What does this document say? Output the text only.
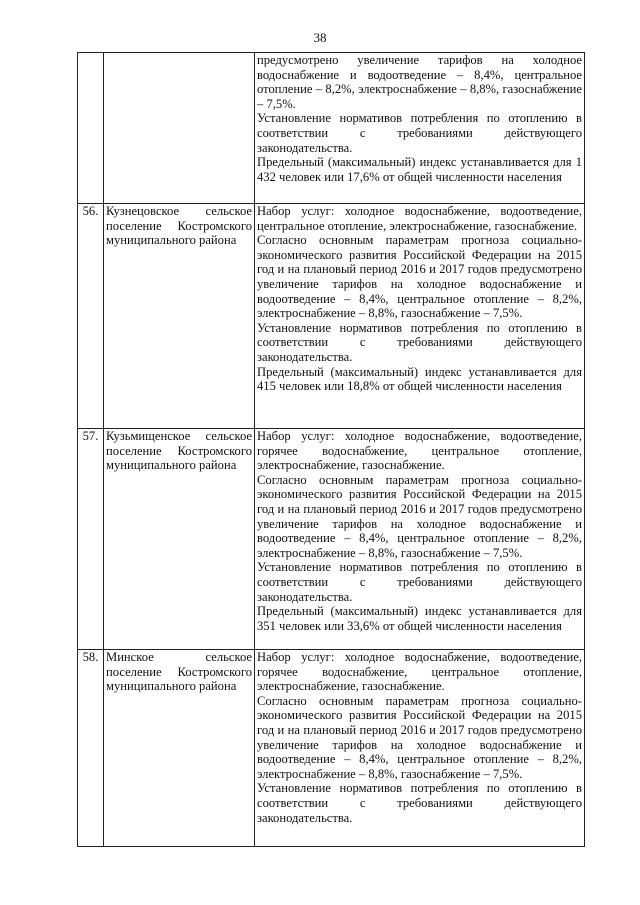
38

		предусмотрено увеличение тарифов на холодное водоснабжение и водоотведение – 8,4%, центральное отопление – 8,2%, электроснабжение – 8,8%, газоснабжение – 7,5%.

Установление нормативов потребления по отоплению в соответствии с требованиями действующего законодательства.

Предельный (максимальный) индекс устанавливается для 1 432 человек или 17,6% от общей численности населения

56.	Кузнецовское сельское поселение Костромского муниципального района	Набор услуг: холодное водоснабжение, водоотведение, центральное отопление, электроснабжение, газоснабжение.

Согласно основным параметрам прогноза социально-экономического развития Российской Федерации на 2015 год и на плановый период 2016 и 2017 годов предусмотрено увеличение тарифов на холодное водоснабжение и водоотведение – 8,4%, центральное отопление – 8,2%, электроснабжение – 8,8%, газоснабжение – 7,5%.

Установление нормативов потребления по отоплению в соответствии с требованиями действующего законодательства.

Предельный (максимальный) индекс устанавливается для 415 человек или 18,8% от общей численности населения

57.	Кузьмищенское сельское поселение Костромского муниципального района	Набор услуг: холодное водоснабжение, водоотведение, горячее водоснабжение, центральное отопление, электроснабжение, газоснабжение.

Согласно основным параметрам прогноза социально-экономического развития Российской Федерации на 2015 год и на плановый период 2016 и 2017 годов предусмотрено увеличение тарифов на холодное водоснабжение и водоотведение – 8,4%, центральное отопление – 8,2%, электроснабжение – 8,8%, газоснабжение – 7,5%.

Установление нормативов потребления по отоплению в соответствии с требованиями действующего законодательства.

Предельный (максимальный) индекс устанавливается для 351 человек или 33,6% от общей численности населения

58.	Минское сельское поселение Костромского муниципального района	Набор услуг: холодное водоснабжение, водоотведение, горячее водоснабжение, центральное отопление, электроснабжение, газоснабжение.

Согласно основным параметрам прогноза социально-экономического развития Российской Федерации на 2015 год и на плановый период 2016 и 2017 годов предусмотрено увеличение тарифов на холодное водоснабжение и водоотведение – 8,4%, центральное отопление – 8,2%, электроснабжение – 8,8%, газоснабжение – 7,5%.

Установление нормативов потребления по отоплению в соответствии с требованиями действующего законодательства.
